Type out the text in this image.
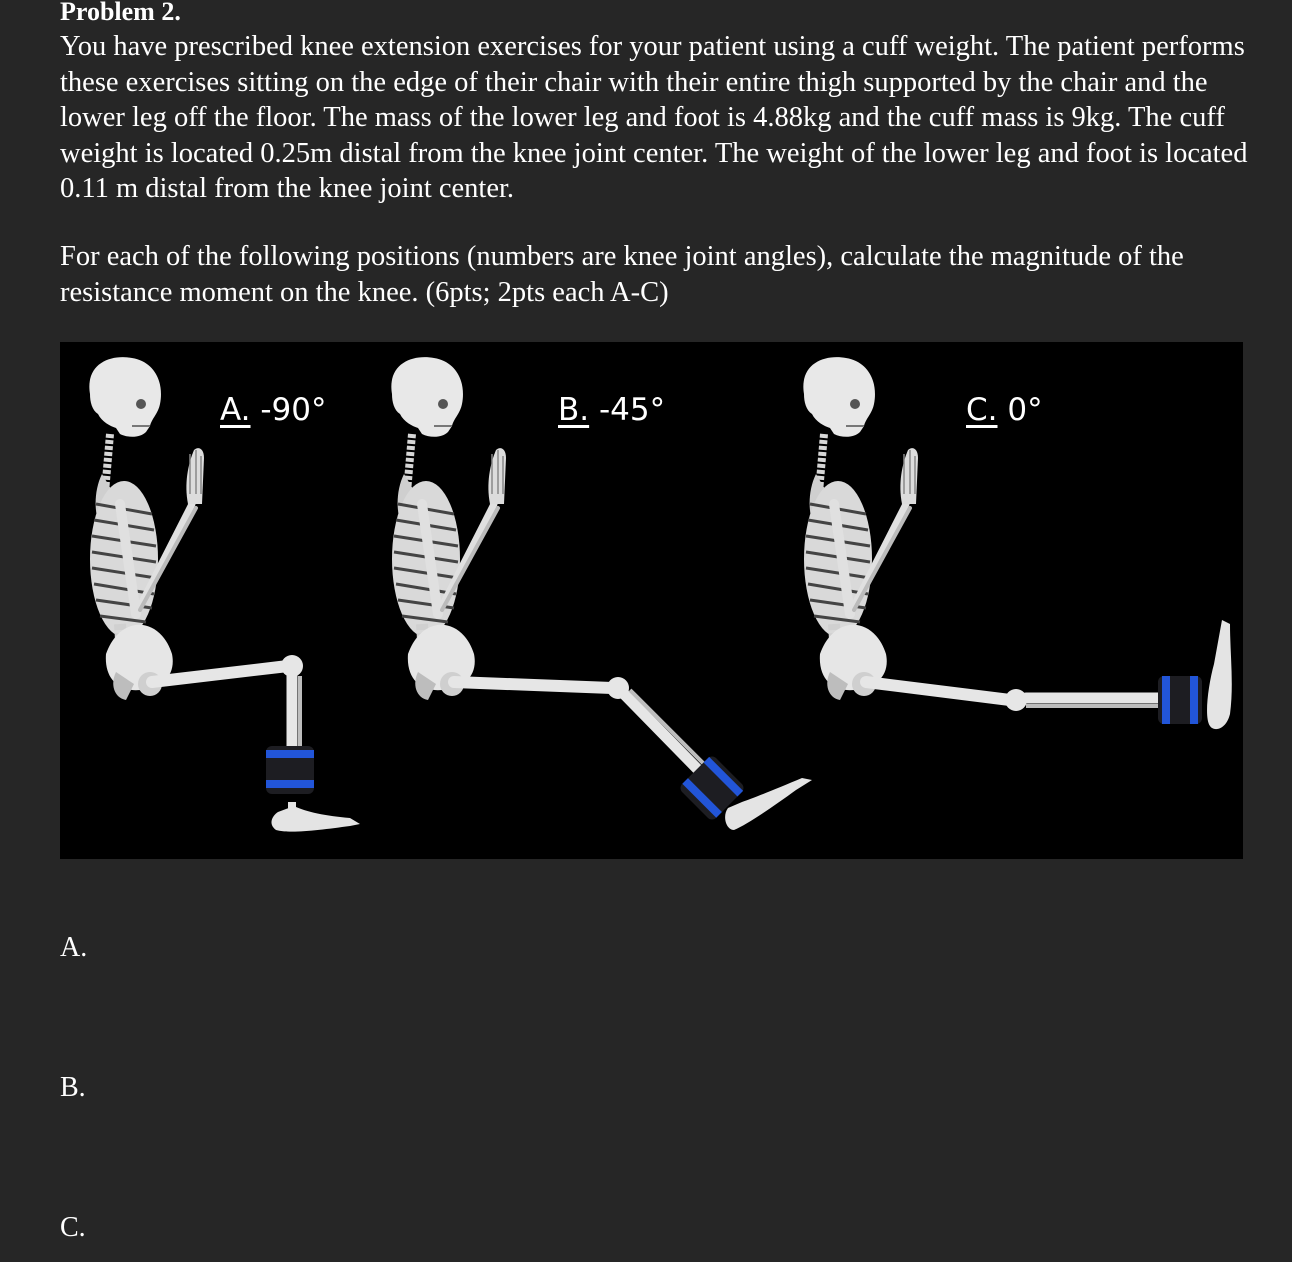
Problem 2.

You have prescribed knee extension exercises for your patient using a cuff weight. The patient performs these exercises sitting on the edge of their chair with their entire thigh supported by the chair and the lower leg off the floor. The mass of the lower leg and foot is 4.88kg and the cuff mass is 9kg. The cuff weight is located 0.25m distal from the knee joint center. The weight of the lower leg and foot is located 0.11 m distal from the knee joint center.

For each of the following positions (numbers are knee joint angles), calculate the magnitude of the resistance moment on the knee. (6pts; 2pts each A-C)

A. -90°	B. -45°	C. 0°
A.
B.
C.
